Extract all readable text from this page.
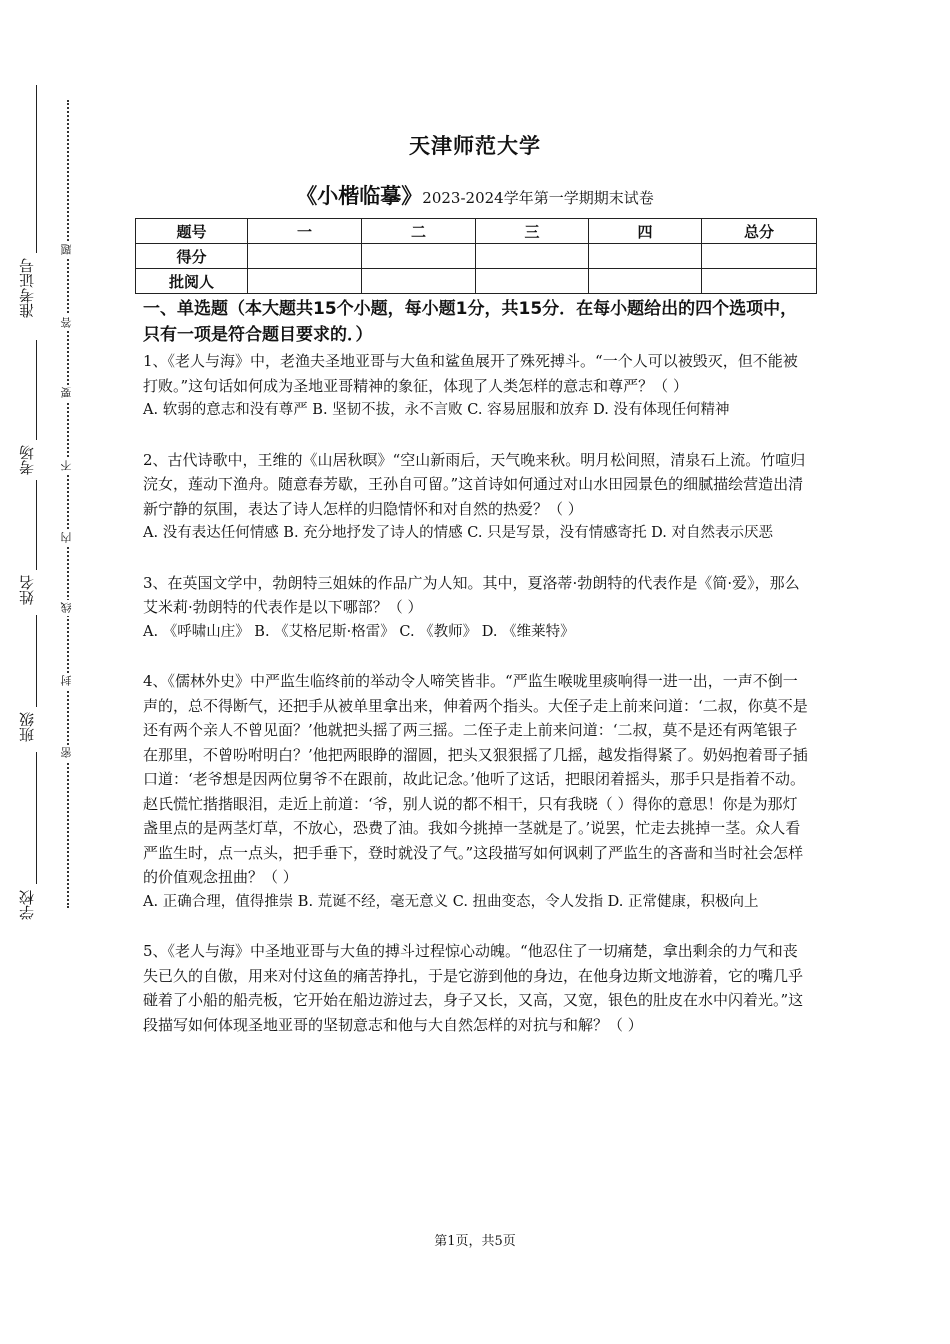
准考证号
考场
姓名
班级
学校
题
答
要
不
内
线
封
密
天津师范大学
《小楷临摹》2023-2024学年第一学期期末试卷
题号	一	二	三	四	总分
得分					
批阅人					

一、单选题（本大题共15个小题，每小题1分，共15分．在每小题给出的四个选项中，只有一项是符合题目要求的．）

1、《老人与海》中，老渔夫圣地亚哥与大鱼和鲨鱼展开了殊死搏斗。“一个人可以被毁灭，但不能被打败。”这句话如何成为圣地亚哥精神的象征，体现了人类怎样的意志和尊严？（ ）

A. 软弱的意志和没有尊严 B. 坚韧不拔，永不言败 C. 容易屈服和放弃 D. 没有体现任何精神

2、古代诗歌中，王维的《山居秋暝》“空山新雨后，天气晚来秋。明月松间照，清泉石上流。竹喧归浣女，莲动下渔舟。随意春芳歇，王孙自可留。”这首诗如何通过对山水田园景色的细腻描绘营造出清新宁静的氛围，表达了诗人怎样的归隐情怀和对自然的热爱？（ ）

A. 没有表达任何情感 B. 充分地抒发了诗人的情感 C. 只是写景，没有情感寄托 D. 对自然表示厌恶

3、在英国文学中，勃朗特三姐妹的作品广为人知。其中，夏洛蒂·勃朗特的代表作是《简·爱》，那么艾米莉·勃朗特的代表作是以下哪部？（ ）

A. 《呼啸山庄》 B. 《艾格尼斯·格雷》 C. 《教师》 D. 《维莱特》

4、《儒林外史》中严监生临终前的举动令人啼笑皆非。“严监生喉咙里痰响得一进一出，一声不倒一声的，总不得断气，还把手从被单里拿出来，伸着两个指头。大侄子走上前来问道：‘二叔，你莫不是还有两个亲人不曾见面？’他就把头摇了两三摇。二侄子走上前来问道：‘二叔，莫不是还有两笔银子在那里，不曾吩咐明白？’他把两眼睁的溜圆，把头又狠狠摇了几摇，越发指得紧了。奶妈抱着哥子插口道：‘老爷想是因两位舅爷不在跟前，故此记念。’他听了这话，把眼闭着摇头，那手只是指着不动。赵氏慌忙揩揩眼泪，走近上前道：‘爷，别人说的都不相干，只有我晓（ ）得你的意思！你是为那灯盏里点的是两茎灯草，不放心，恐费了油。我如今挑掉一茎就是了。’说罢，忙走去挑掉一茎。众人看严监生时，点一点头，把手垂下，登时就没了气。”这段描写如何讽刺了严监生的吝啬和当时社会怎样的价值观念扭曲？（ ）

A. 正确合理，值得推崇 B. 荒诞不经，毫无意义 C. 扭曲变态，令人发指 D. 正常健康，积极向上

5、《老人与海》中圣地亚哥与大鱼的搏斗过程惊心动魄。“他忍住了一切痛楚，拿出剩余的力气和丧失已久的自傲，用来对付这鱼的痛苦挣扎，于是它游到他的身边，在他身边斯文地游着，它的嘴几乎碰着了小船的船壳板，它开始在船边游过去，身子又长，又高，又宽，银色的肚皮在水中闪着光。”这段描写如何体现圣地亚哥的坚韧意志和他与大自然怎样的对抗与和解？（ ）

第1页，共5页
